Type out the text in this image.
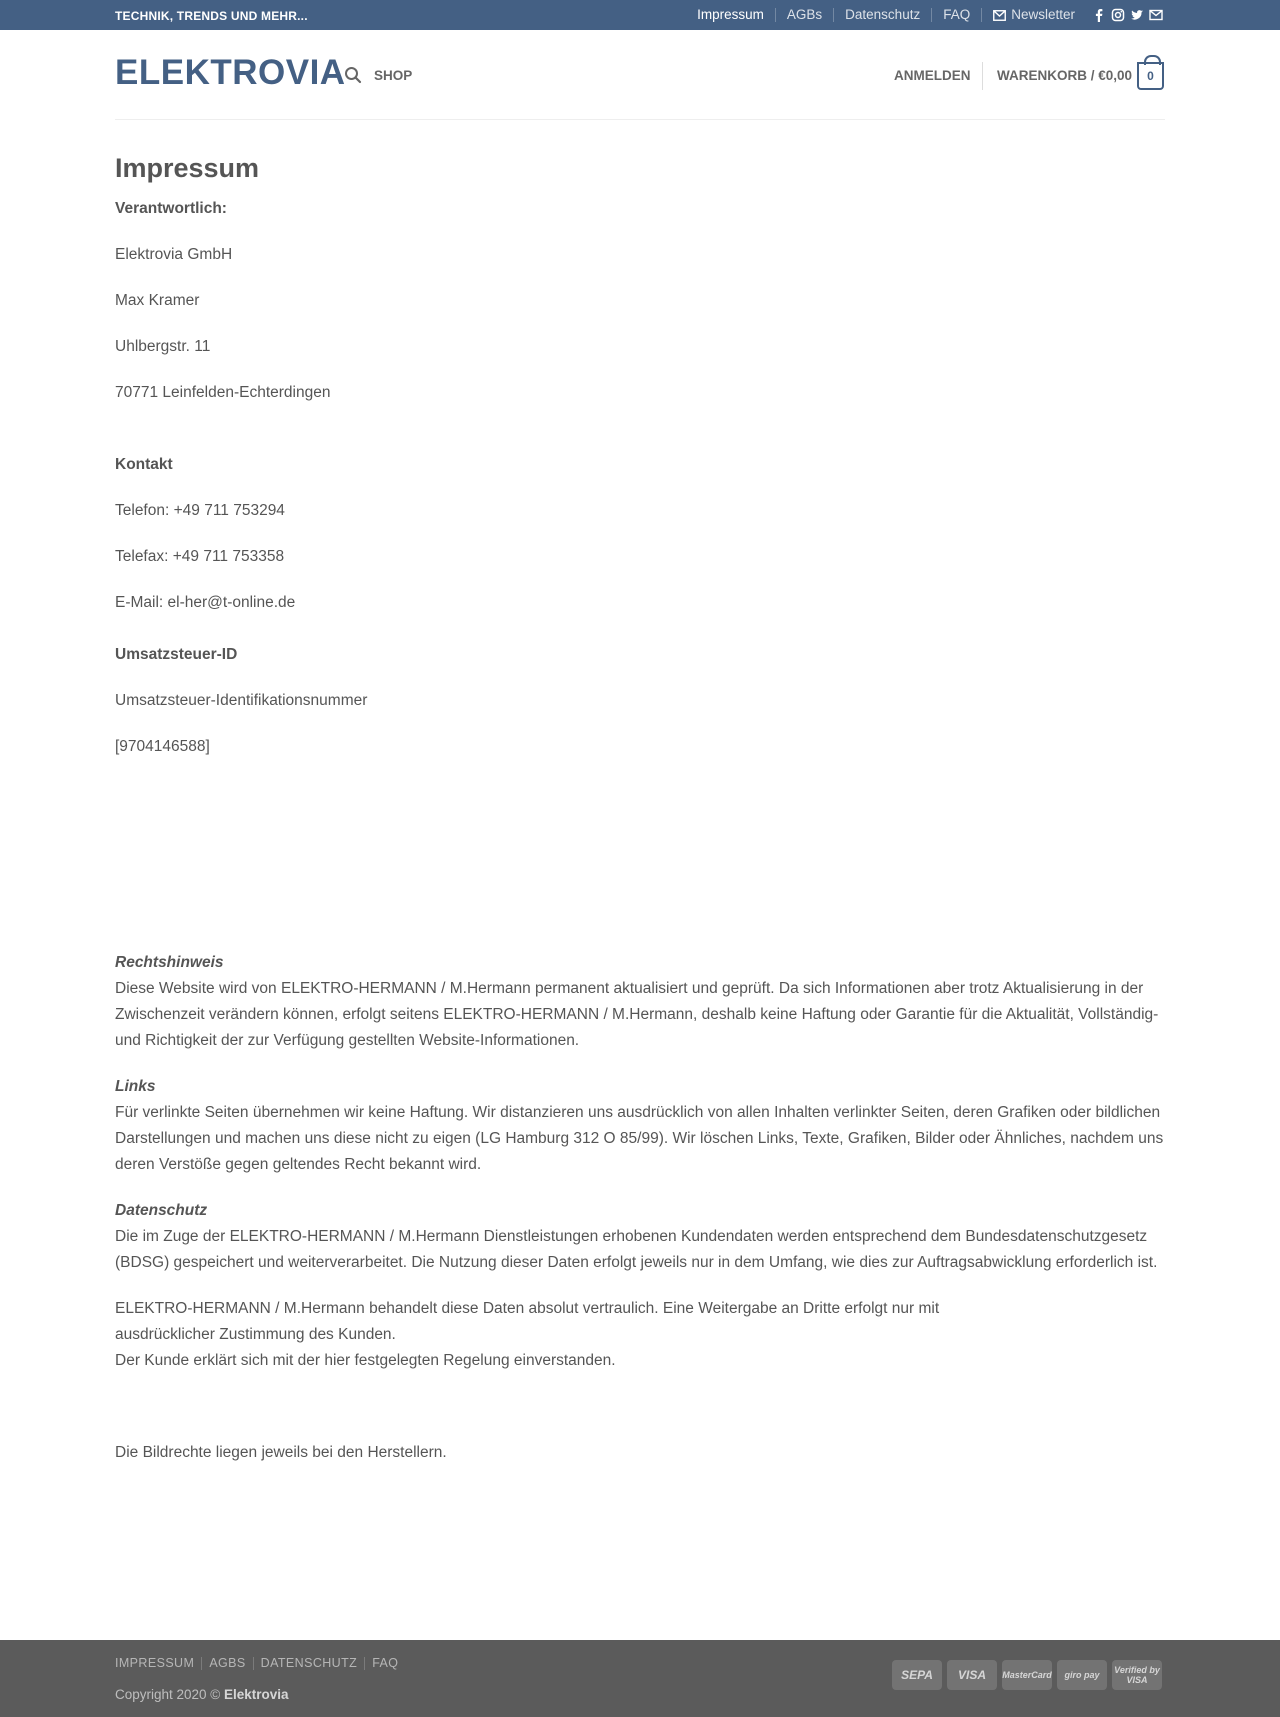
TECHNIK, TRENDS UND MEHR...	Impressum	AGBs	Datenschutz	FAQ	Newsletter
ELEKTROVIA SHOP	ANMELDEN WARENKORB / €0,00	0
Impressum

Verantwortlich:

Elektrovia GmbH

Max Kramer

Uhlbergstr. 11

70771 Leinfelden-Echterdingen

Kontakt

Telefon: +49 711 753294

Telefax: +49 711 753358

E-Mail: el-her@t-online.de

Umsatzsteuer-ID

Umsatzsteuer-Identifikationsnummer

[9704146588]

Rechtshinweis

Diese Website wird von ELEKTRO-HERMANN / M.Hermann permanent aktualisiert und geprüft. Da sich Informationen aber trotz Aktualisierung in der Zwischenzeit verändern können, erfolgt seitens ELEKTRO-HERMANN / M.Hermann, deshalb keine Haftung oder Garantie für die Aktualität, Vollständig- und Richtigkeit der zur Verfügung gestellten Website-Informationen.

Links

Für verlinkte Seiten übernehmen wir keine Haftung. Wir distanzieren uns ausdrücklich von allen Inhalten verlinkter Seiten, deren Grafiken oder bildlichen Darstellungen und machen uns diese nicht zu eigen (LG Hamburg 312 O 85/99). Wir löschen Links, Texte, Grafiken, Bilder oder Ähnliches, nachdem uns deren Verstöße gegen geltendes Recht bekannt wird.

Datenschutz

Die im Zuge der ELEKTRO-HERMANN / M.Hermann Dienstleistungen erhobenen Kundendaten werden entsprechend dem Bundesdatenschutzgesetz (BDSG) gespeichert und weiterverarbeitet. Die Nutzung dieser Daten erfolgt jeweils nur in dem Umfang, wie dies zur Auftragsabwicklung erforderlich ist.

ELEKTRO-HERMANN / M.Hermann behandelt diese Daten absolut vertraulich. Eine Weitergabe an Dritte erfolgt nur mit
ausdrücklicher Zustimmung des Kunden.
Der Kunde erklärt sich mit der hier festgelegten Regelung einverstanden.

Die Bildrechte liegen jeweils bei den Herstellern.

IMPRESSUM	AGBS	DATENSCHUTZ	FAQ
Copyright 2020 © Elektrovia
SEPA	VISA	MasterCard	giro pay	Verified by VISA
